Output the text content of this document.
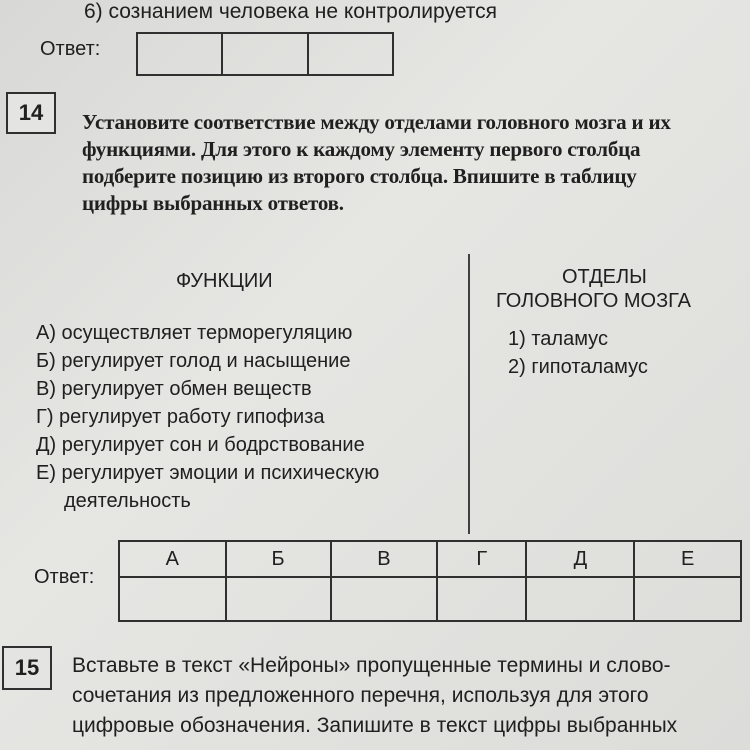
6) сознанием человека не контролируется
Ответ:
14	Установите соответствие между отделами головного мозга и их
функциями. Для этого к каждому элементу первого столбца
подберите позицию из второго столбца. Впишите в таблицу
цифры выбранных ответов.
ФУНКЦИИ	ОТДЕЛЫ
ГОЛОВНОГО МОЗГА
А) осуществляет терморегуляцию
Б) регулирует голод и насыщение
В) регулирует обмен веществ
Г) регулирует работу гипофиза
Д) регулирует сон и бодрствование
Е) регулирует эмоции и психическую
деятельность
1) таламус
2) гипоталамус
Ответ:
А	Б	В	Г	Д	Е

15	Вставьте в текст «Нейроны» пропущенные термины и слово-
сочетания из предложенного перечня, используя для этого
цифровые обозначения. Запишите в текст цифры выбранных
